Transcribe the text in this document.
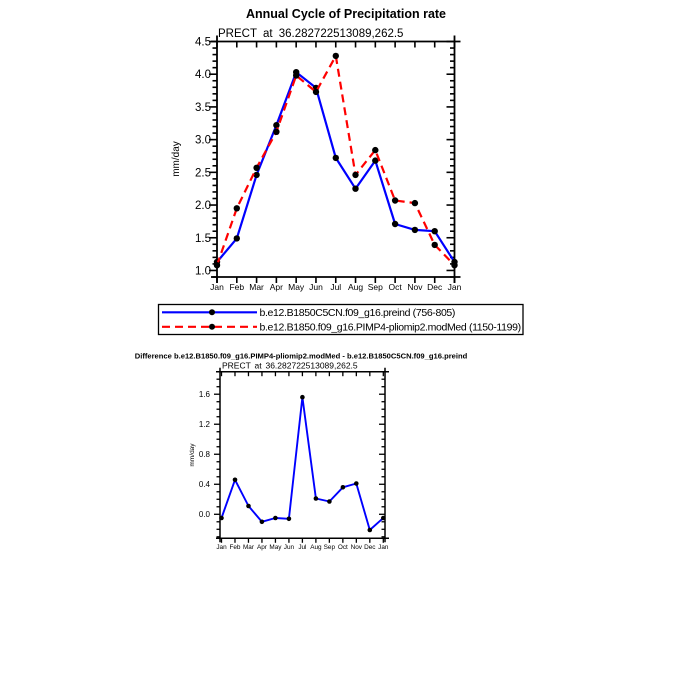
Annual Cycle of Precipitation rate
PRECT at 36.282722513089,262.5
mm/day
Jan Feb Mar Apr May Jun Jul Aug Sep Oct Nov Dec Jan
1.0
1.5
2.0
2.5
3.0
3.5
4.0
4.5
b.e12.B1850C5CN.f09_g16.preind (756-805)
b.e12.B1850.f09_g16.PIMP4-pliomip2.modMed (1150-1199)
Difference b.e12.B1850.f09_g16.PIMP4-pliomip2.modMed - b.e12.B1850C5CN.f09_g16.preind
PRECT at 36.282722513089,262.5
mm/day
Jan Feb Mar Apr May Jun Jul Aug Sep Oct Nov Dec Jan
0.0
0.4
0.8
1.2
1.6
